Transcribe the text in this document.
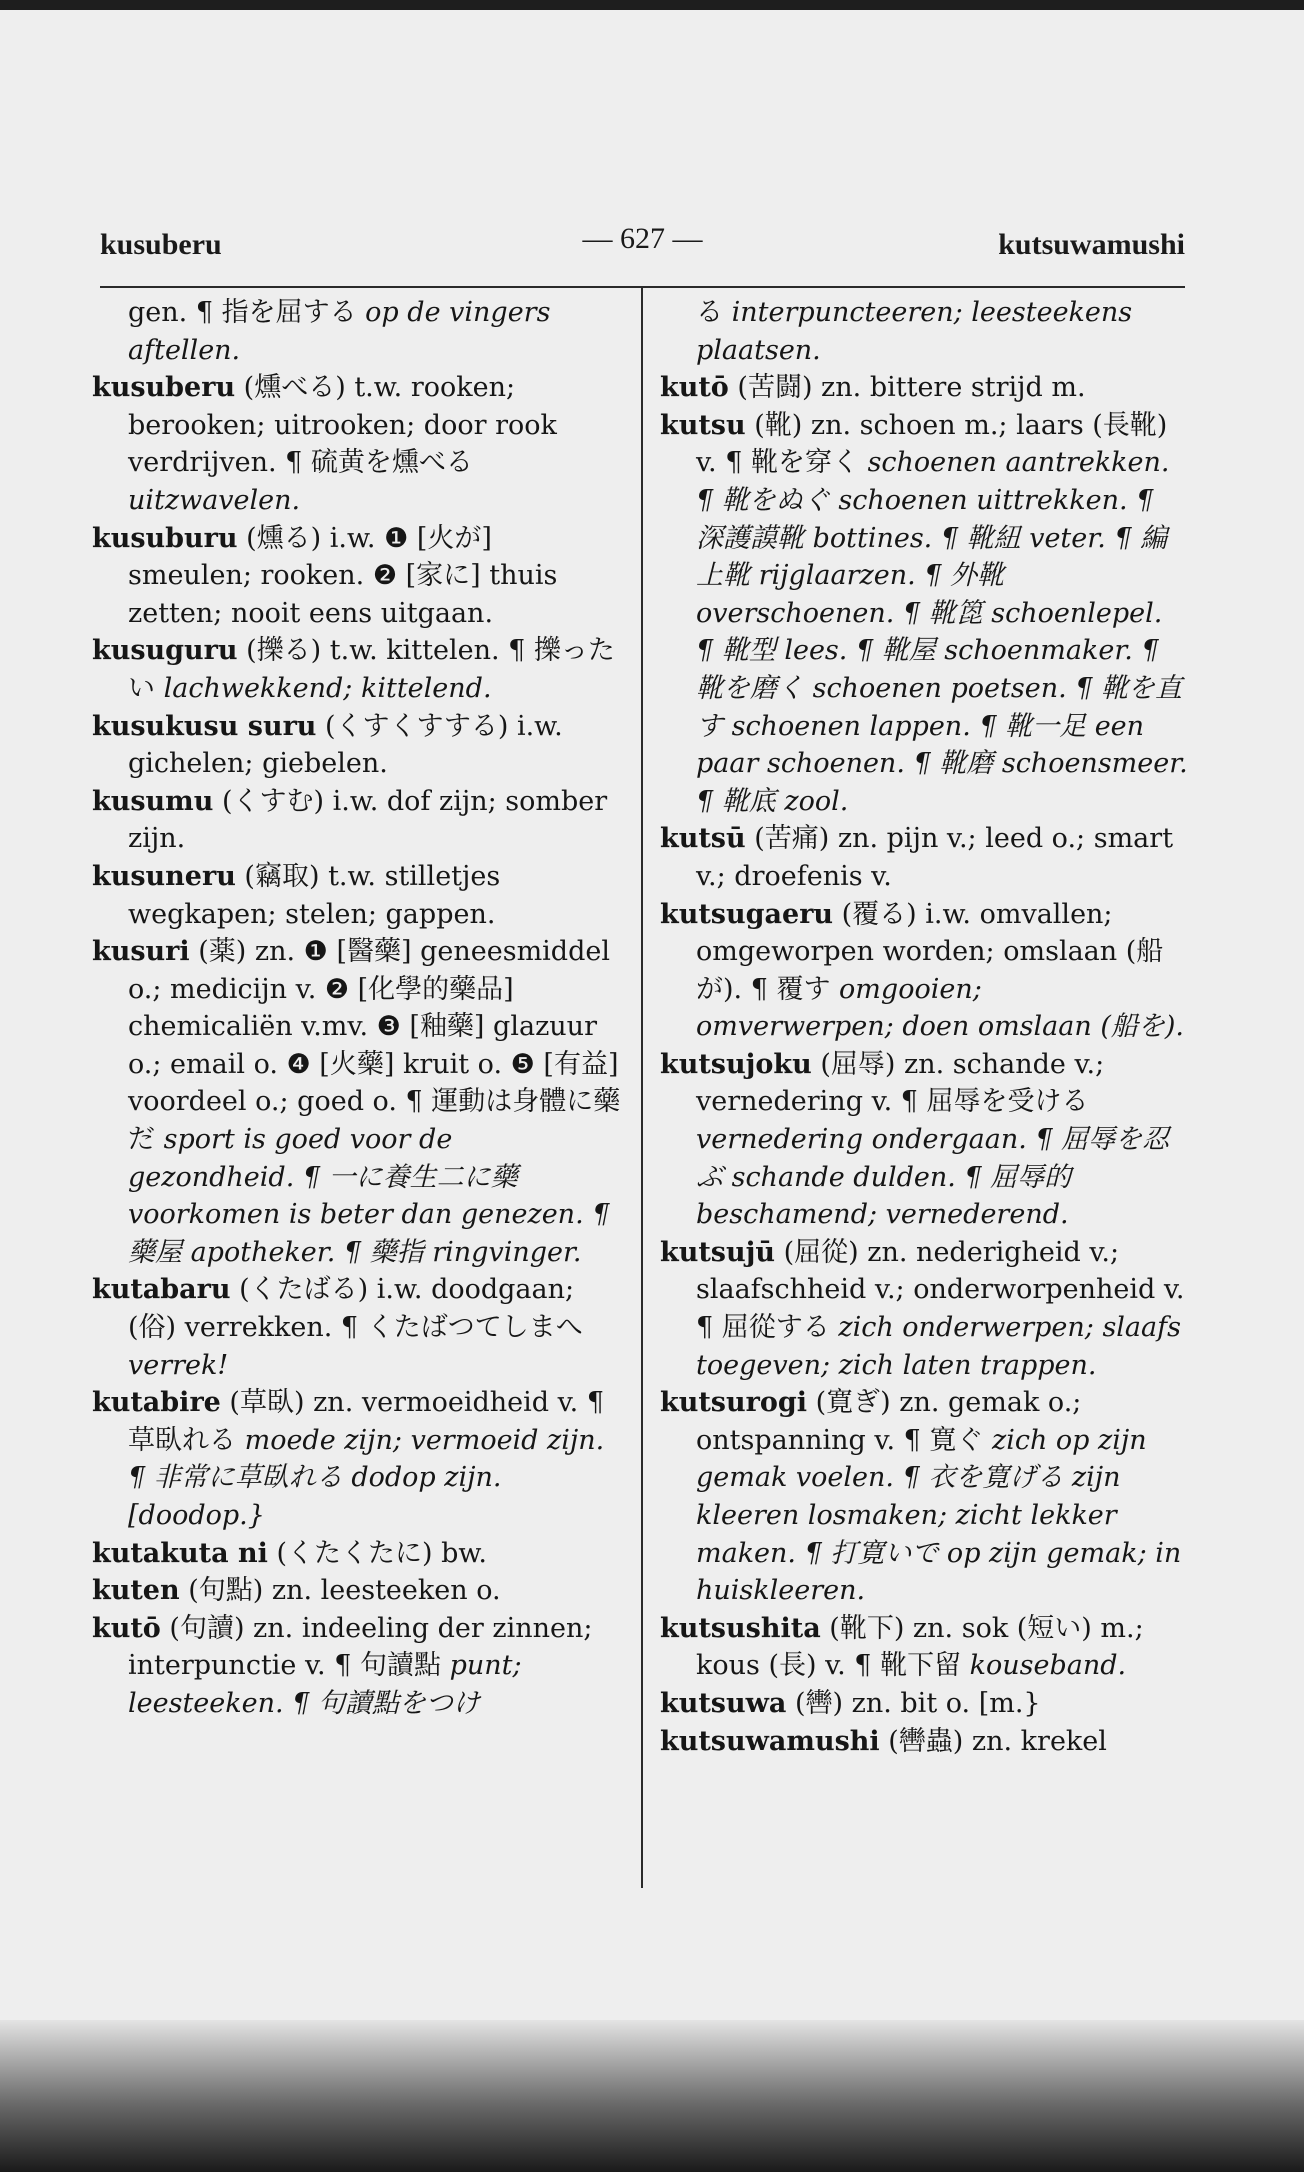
kusuberu	— 627 —	kutsuwamushi
gen. ¶ 指を屈する op de vingers aftellen.
kusuberu (燻べる) t.w. rooken; berooken; uitrooken; door rook verdrijven. ¶ 硫黄を燻べる uitzwavelen.
kusuburu (燻る) i.w. ❶ [火が] smeulen; rooken. ❷ [家に] thuis zetten; nooit eens uitgaan.
kusuguru (擽る) t.w. kittelen. ¶ 擽ったい lachwekkend; kittelend.
kusukusu suru (くすくすする) i.w. gichelen; giebelen.
kusumu (くすむ) i.w. dof zijn; somber zijn.
kusuneru (竊取) t.w. stilletjes wegkapen; stelen; gappen.
kusuri (薬) zn. ❶ [醫藥] geneesmiddel o.; medicijn v. ❷ [化學的藥品] chemicaliën v.mv. ❸ [釉藥] glazuur o.; email o. ❹ [火藥] kruit o. ❺ [有益] voordeel o.; goed o. ¶ 運動は身體に藥だ sport is goed voor de gezondheid. ¶ 一に養生二に藥 voorkomen is beter dan genezen. ¶ 藥屋 apotheker. ¶ 藥指 ringvinger.
kutabaru (くたばる) i.w. doodgaan; (俗) verrekken. ¶ くたばつてしまへ verrek!
kutabire (草臥) zn. vermoeidheid v. ¶ 草臥れる moede zijn; vermoeid zijn. ¶ 非常に草臥れる dodop zijn. [doodop.}
kutakuta ni (くたくたに) bw.
kuten (句點) zn. leesteeken o.
kutō (句讀) zn. indeeling der zinnen; interpunctie v. ¶ 句讀點 punt; leesteeken. ¶ 句讀點をつけ
る interpuncteeren; leesteekens plaatsen.
kutō (苦闘) zn. bittere strijd m.
kutsu (靴) zn. schoen m.; laars (長靴) v. ¶ 靴を穿く schoenen aantrekken. ¶ 靴をぬぐ schoenen uittrekken. ¶ 深護謨靴 bottines. ¶ 靴紐 veter. ¶ 編上靴 rijglaarzen. ¶ 外靴 overschoenen. ¶ 靴箆 schoenlepel. ¶ 靴型 lees. ¶ 靴屋 schoenmaker. ¶ 靴を磨く schoenen poetsen. ¶ 靴を直す schoenen lappen. ¶ 靴一足 een paar schoenen. ¶ 靴磨 schoensmeer. ¶ 靴底 zool.
kutsū (苦痛) zn. pijn v.; leed o.; smart v.; droefenis v.
kutsugaeru (覆る) i.w. omvallen; omgeworpen worden; omslaan (船が). ¶ 覆す omgooien; omverwerpen; doen omslaan (船を).
kutsujoku (屈辱) zn. schande v.; vernedering v. ¶ 屈辱を受ける vernedering ondergaan. ¶ 屈辱を忍ぶ schande dulden. ¶ 屈辱的 beschamend; vernederend.
kutsujū (屈從) zn. nederigheid v.; slaafschheid v.; onderworpenheid v. ¶ 屈從する zich onderwerpen; slaafs toegeven; zich laten trappen.
kutsurogi (寛ぎ) zn. gemak o.; ontspanning v. ¶ 寛ぐ zich op zijn gemak voelen. ¶ 衣を寛げる zijn kleeren losmaken; zicht lekker maken. ¶ 打寛いで op zijn gemak; in huiskleeren.
kutsushita (靴下) zn. sok (短い) m.; kous (長) v. ¶ 靴下留 kouseband.
kutsuwa (轡) zn. bit o. [m.}
kutsuwamushi (轡蟲) zn. krekel
